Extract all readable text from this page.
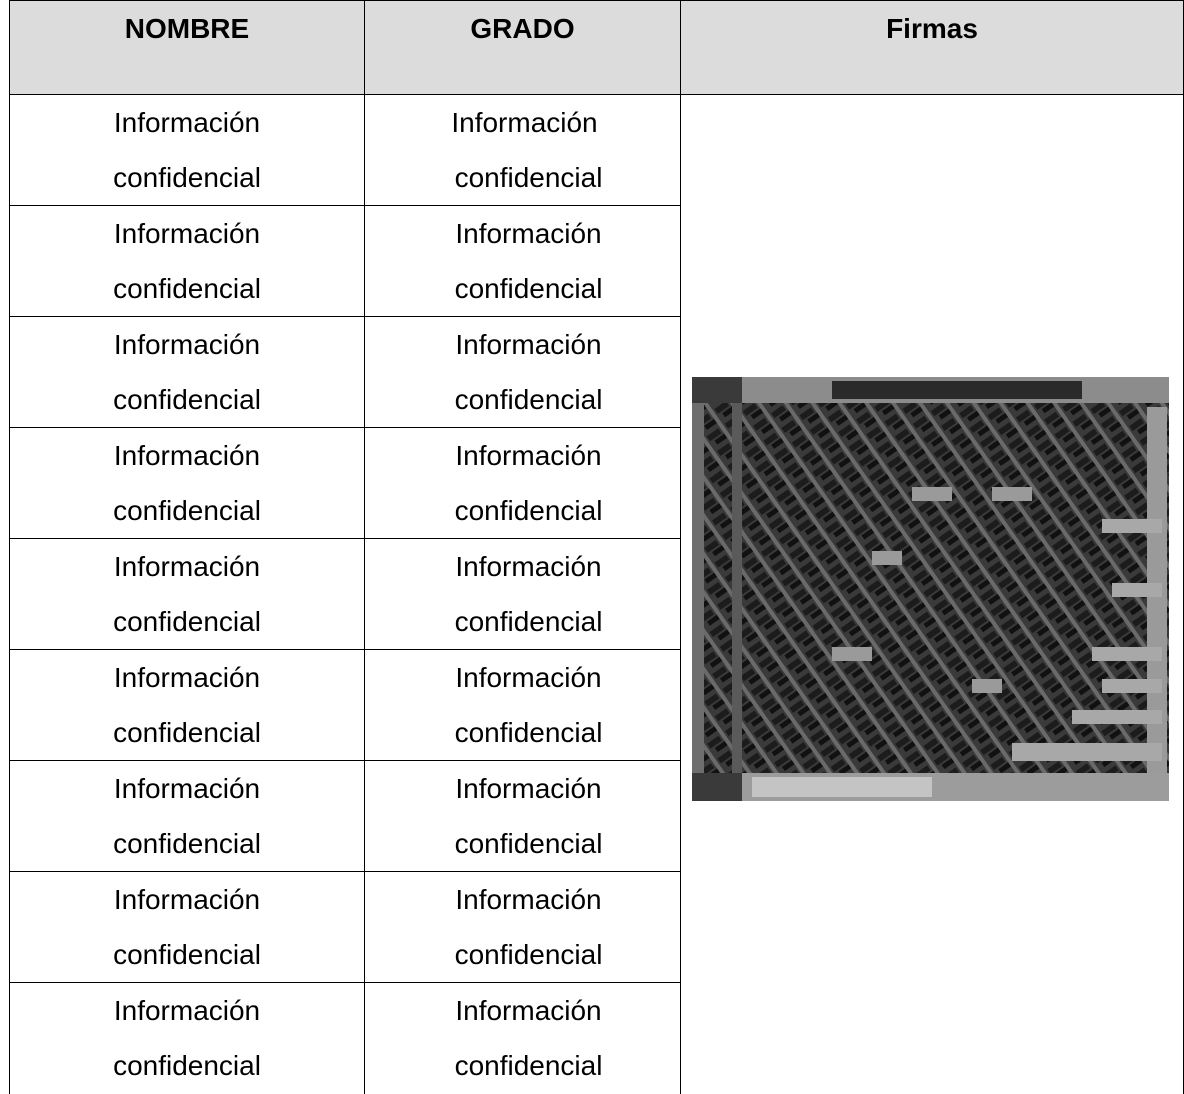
NOMBRE	GRADO	Firmas

Información
confidencial	Información
confidencial

Información
confidencial	Información
confidencial	

Información
confidencial	Información
confidencial	

Información
confidencial	Información
confidencial	

Información
confidencial	Información
confidencial	

Información
confidencial	Información
confidencial	

Información
confidencial	Información
confidencial	

Información
confidencial	Información
confidencial	

Información
confidencial	Información
confidencial	
